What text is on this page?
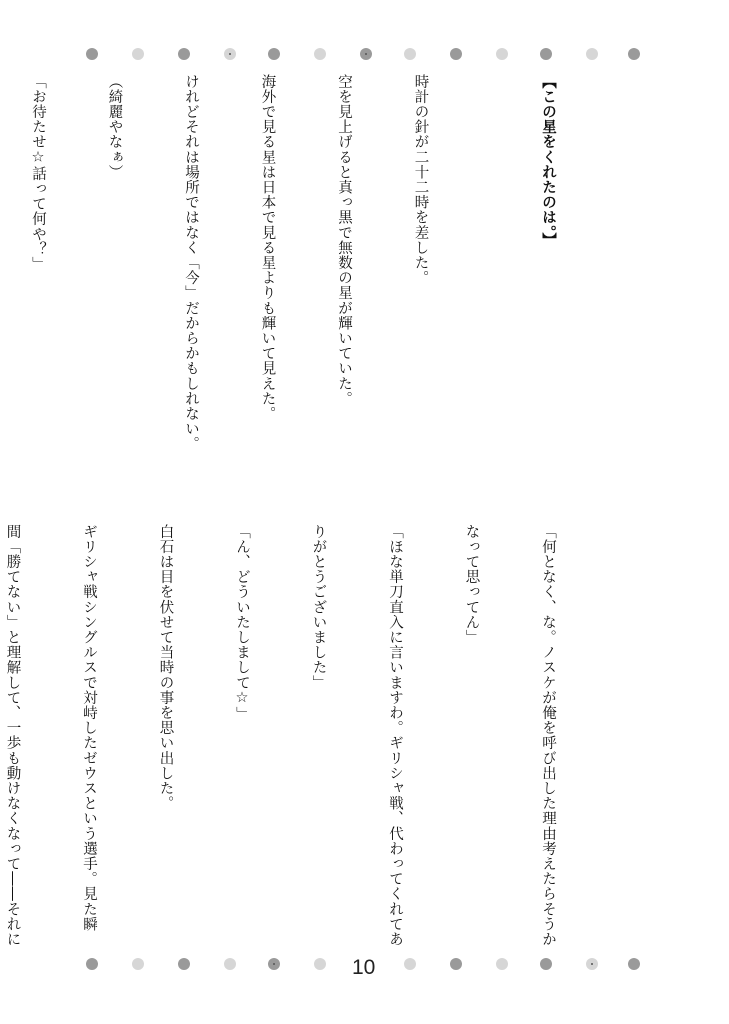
【この星をくれたのは。】

時計の針が二十二時を差した。

空を見上げると真っ黒で無数の星が輝いていた。

海外で見る星は日本で見る星よりも輝いて見えた。

けれどそれは場所ではなく「今」だからかもしれない。

（綺麗やなぁ）

「お待たせ☆話って何や？」

「何となく、な。ノスケが俺を呼び出した理由考えたらそうか

なって思ってん」

「ほな単刀直入に言いますわ。ギリシャ戦、代わってくれてあ

りがとうございました」

「ん、どういたしまして☆」

白石は目を伏せて当時の事を思い出した。

ギリシャ戦シングルスで対峙したゼウスという選手。見た瞬

間「勝てない」と理解して、一歩も動けなくなって――それに

10
